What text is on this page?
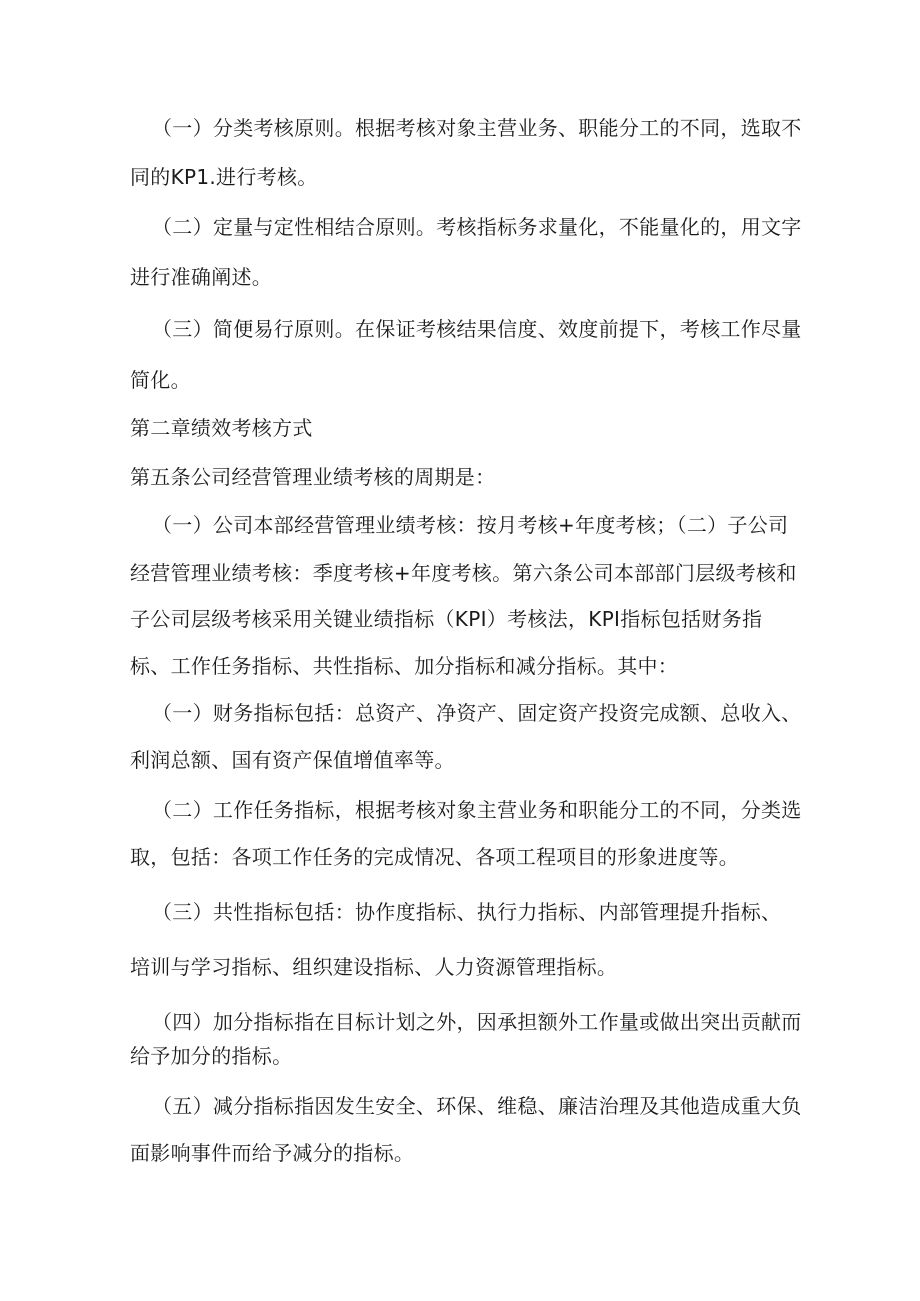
（一）分类考核原则。根据考核对象主营业务、职能分工的不同，选取不
同的KP1.进行考核。
（二）定量与定性相结合原则。考核指标务求量化，不能量化的，用文字
进行准确阐述。
（三）简便易行原则。在保证考核结果信度、效度前提下，考核工作尽量
简化。
第二章绩效考核方式
第五条公司经营管理业绩考核的周期是：
（一）公司本部经营管理业绩考核：按月考核+年度考核；（二）子公司
经营管理业绩考核：季度考核+年度考核。第六条公司本部部门层级考核和
子公司层级考核采用关键业绩指标（KPI）考核法，KPI指标包括财务指
标、工作任务指标、共性指标、加分指标和减分指标。其中：
（一）财务指标包括：总资产、净资产、固定资产投资完成额、总收入、
利润总额、国有资产保值增值率等。
（二）工作任务指标，根据考核对象主营业务和职能分工的不同，分类选
取，包括：各项工作任务的完成情况、各项工程项目的形象进度等。
（三）共性指标包括：协作度指标、执行力指标、内部管理提升指标、
培训与学习指标、组织建设指标、人力资源管理指标。
（四）加分指标指在目标计划之外，因承担额外工作量或做出突出贡献而
给予加分的指标。
（五）减分指标指因发生安全、环保、维稳、廉洁治理及其他造成重大负
面影响事件而给予减分的指标。
